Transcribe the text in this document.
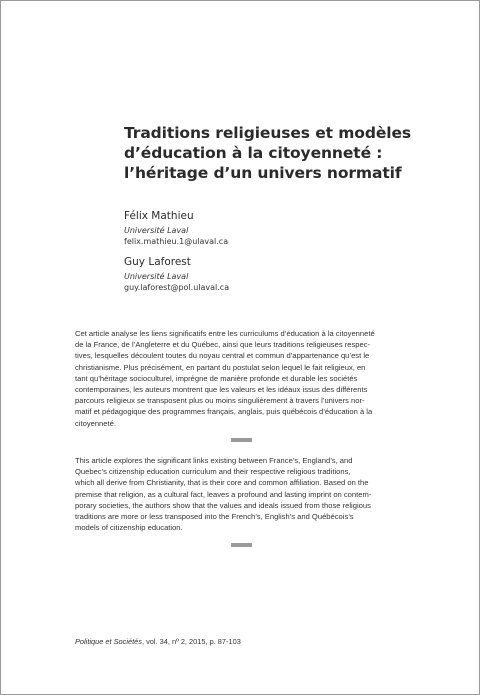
Traditions religieuses et modèles
d’éducation à la citoyenneté :
l’héritage d’un univers normatif
Félix Mathieu
Université Laval
felix.mathieu.1@ulaval.ca
Guy Laforest
Université Laval
guy.laforest@pol.ulaval.ca
Cet article analyse les liens significatifs entre les curriculums d’éducation à la citoyenneté
de la France, de l’Angleterre et du Québec, ainsi que leurs traditions religieuses respec-
tives, lesquelles découlent toutes du noyau central et commun d’appartenance qu’est le
christianisme. Plus précisément, en partant du postulat selon lequel le fait religieux, en
tant qu’héritage socioculturel, imprègne de manière profonde et durable les sociétés
contemporaines, les auteurs montrent que les valeurs et les idéaux issus des différents
parcours religieux se transposent plus ou moins singulièrement à travers l’univers nor-
matif et pédagogique des programmes français, anglais, puis québécois d’éducation à la
citoyenneté.
This article explores the significant links existing between France’s, England’s, and
Quebec’s citizenship education curriculum and their respective religious traditions,
which all derive from Christianity, that is their core and common affiliation. Based on the
premise that religion, as a cultural fact, leaves a profound and lasting imprint on contem-
porary societies, the authors show that the values and ideals issued from those religious
traditions are more or less transposed into the French’s, English’s and Québécois’s
models of citizenship education.
Politique et Sociétés, vol. 34, nº 2, 2015, p. 87-103
